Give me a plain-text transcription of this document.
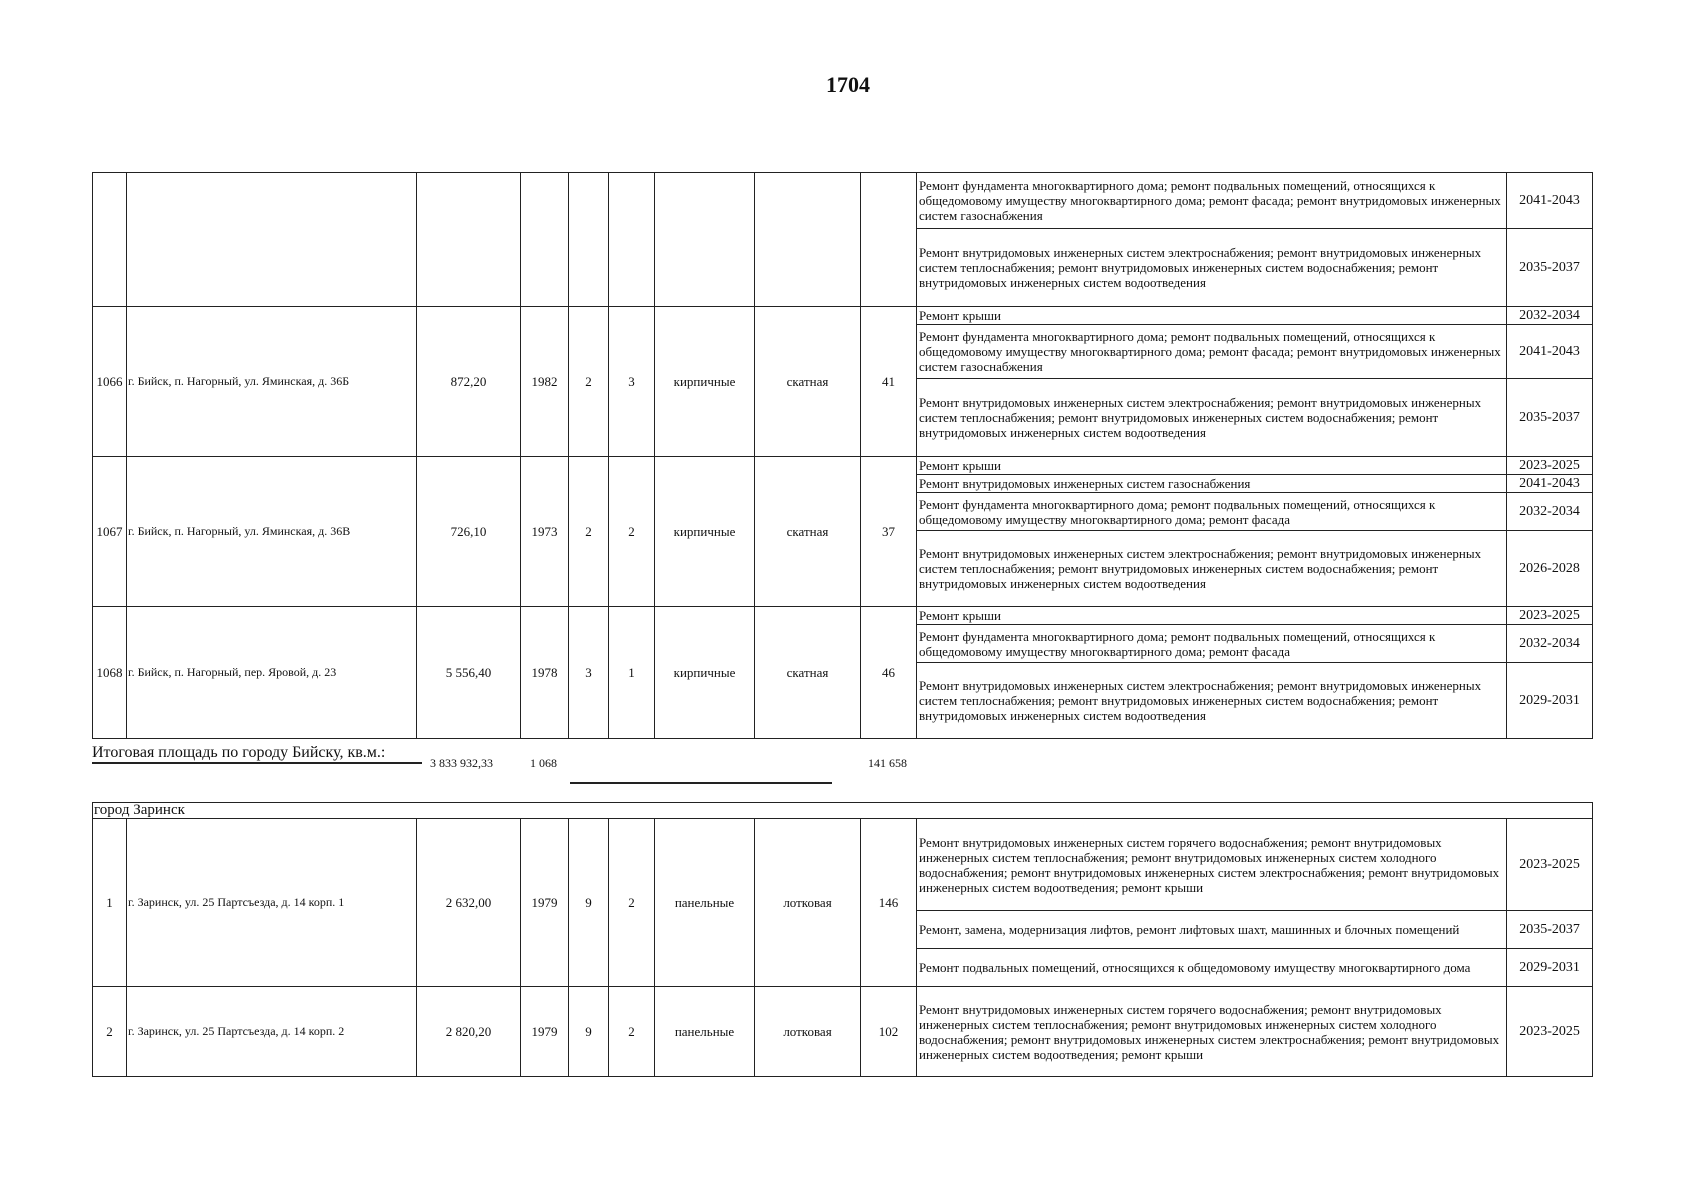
1704
									Ремонт фундамента многоквартирного дома; ремонт подвальных помещений, относящихся к общедомовому имуществу многоквартирного дома; ремонт фасада; ремонт внутридомовых инженерных систем газоснабжения	2041-2043
									Ремонт внутридомовых инженерных систем электроснабжения; ремонт внутридомовых инженерных систем теплоснабжения; ремонт внутридомовых инженерных систем водоснабжения; ремонт внутридомовых инженерных систем водоотведения	2035-2037
1066	г. Бийск, п. Нагорный, ул. Яминская, д. 36Б	872,20	1982	2	3	кирпичные	скатная	41	Ремонт крыши	2032-2034
									Ремонт фундамента многоквартирного дома; ремонт подвальных помещений, относящихся к общедомовому имуществу многоквартирного дома; ремонт фасада; ремонт внутридомовых инженерных систем газоснабжения	2041-2043
									Ремонт внутридомовых инженерных систем электроснабжения; ремонт внутридомовых инженерных систем теплоснабжения; ремонт внутридомовых инженерных систем водоснабжения; ремонт внутридомовых инженерных систем водоотведения	2035-2037
1067	г. Бийск, п. Нагорный, ул. Яминская, д. 36В	726,10	1973	2	2	кирпичные	скатная	37	Ремонт крыши	2023-2025
									Ремонт внутридомовых инженерных систем газоснабжения	2041-2043
									Ремонт фундамента многоквартирного дома; ремонт подвальных помещений, относящихся к общедомовому имуществу многоквартирного дома; ремонт фасада	2032-2034
									Ремонт внутридомовых инженерных систем электроснабжения; ремонт внутридомовых инженерных систем теплоснабжения; ремонт внутридомовых инженерных систем водоснабжения; ремонт внутридомовых инженерных систем водоотведения	2026-2028
1068	г. Бийск, п. Нагорный, пер. Яровой, д. 23	5 556,40	1978	3	1	кирпичные	скатная	46	Ремонт крыши	2023-2025
									Ремонт фундамента многоквартирного дома; ремонт подвальных помещений, относящихся к общедомовому имуществу многоквартирного дома; ремонт фасада	2032-2034
									Ремонт внутридомовых инженерных систем электроснабжения; ремонт внутридомовых инженерных систем теплоснабжения; ремонт внутридомовых инженерных систем водоснабжения; ремонт внутридомовых инженерных систем водоотведения	2029-2031
Итоговая площадь по городу Бийску, кв.м.:
3 833 932,33	1 068	141 658
город Заринск										
1	г. Заринск, ул. 25 Партсъезда, д. 14 корп. 1	2 632,00	1979	9	2	панельные	лотковая	146	Ремонт внутридомовых инженерных систем горячего водоснабжения; ремонт внутридомовых инженерных систем теплоснабжения; ремонт внутридомовых инженерных систем холодного водоснабжения; ремонт внутридомовых инженерных систем электроснабжения; ремонт внутридомовых инженерных систем водоотведения; ремонт крыши	2023-2025
									Ремонт, замена, модернизация лифтов, ремонт лифтовых шахт, машинных и блочных помещений	2035-2037
									Ремонт подвальных помещений, относящихся к общедомовому имуществу многоквартирного дома	2029-2031
2	г. Заринск, ул. 25 Партсъезда, д. 14 корп. 2	2 820,20	1979	9	2	панельные	лотковая	102	Ремонт внутридомовых инженерных систем горячего водоснабжения; ремонт внутридомовых инженерных систем теплоснабжения; ремонт внутридомовых инженерных систем холодного водоснабжения; ремонт внутридомовых инженерных систем электроснабжения; ремонт внутридомовых инженерных систем водоотведения; ремонт крыши	2023-2025
